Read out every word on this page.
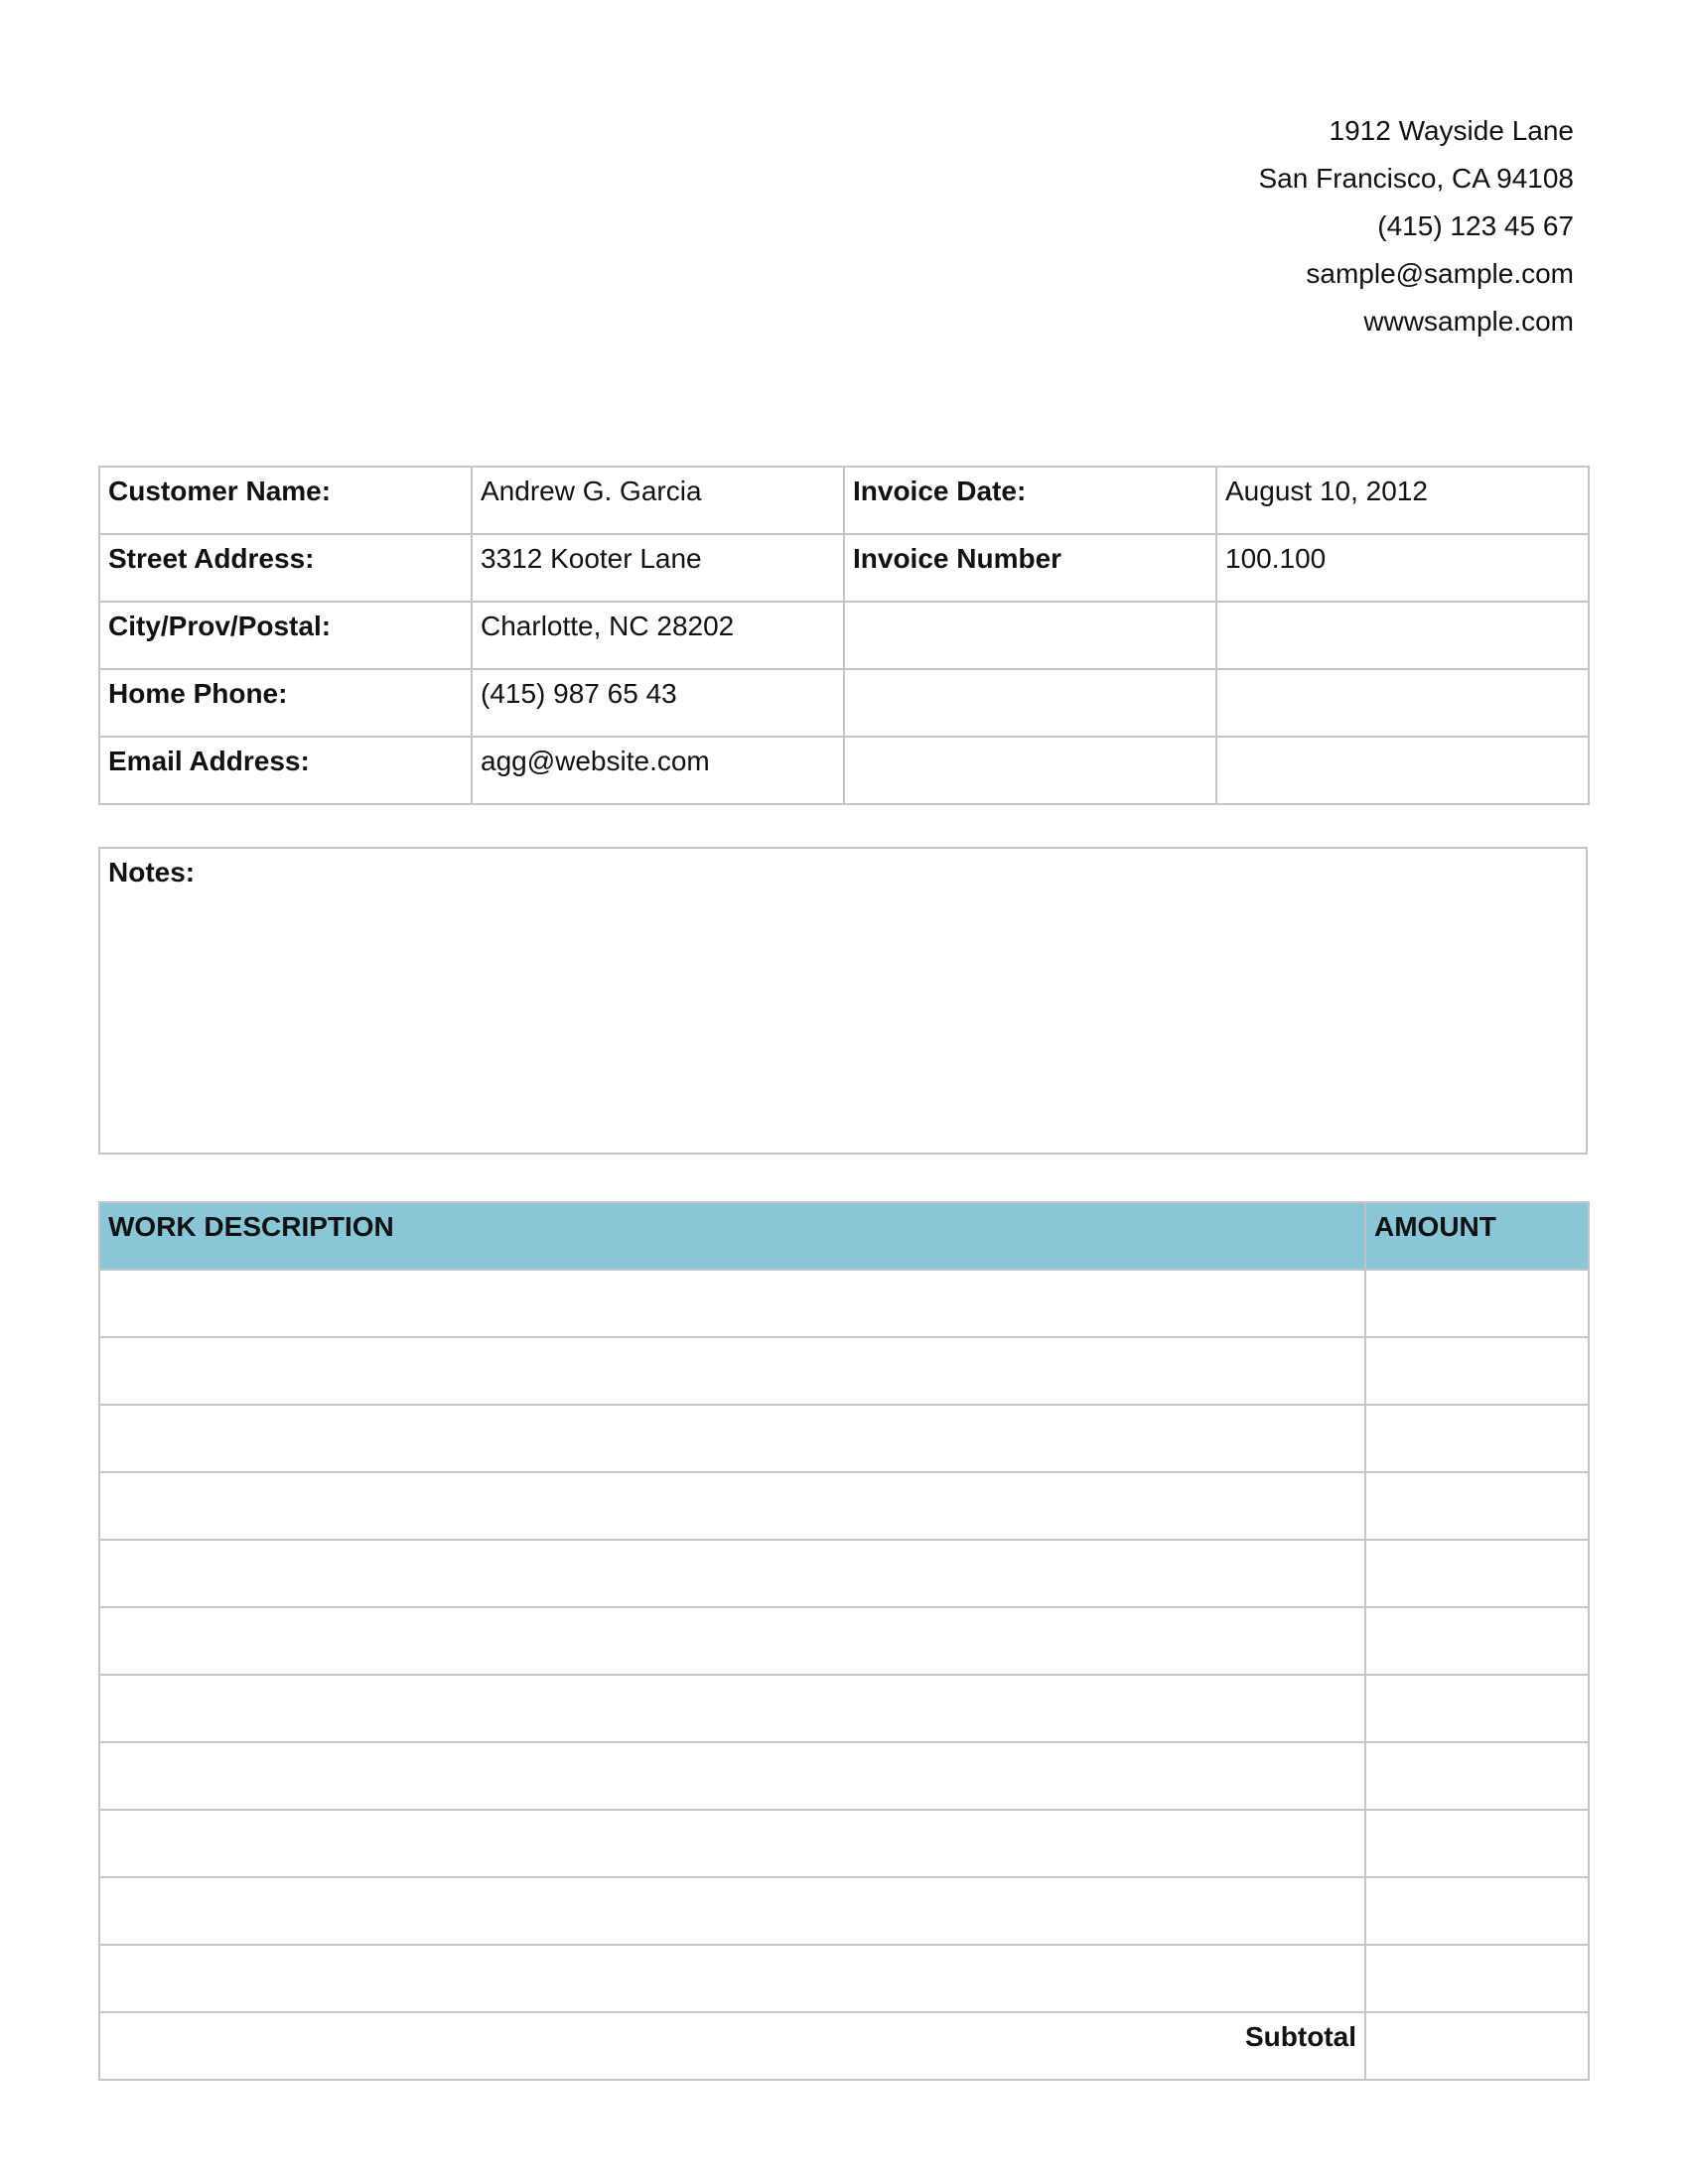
1912 Wayside Lane
San Francisco, CA 94108
(415) 123 45 67
sample@sample.com
wwwsample.com
Customer Name:	Andrew G. Garcia	Invoice Date:	August 10, 2012
Street Address:	3312 Kooter Lane	Invoice Number	100.100
City/Prov/Postal:	Charlotte, NC 28202		
Home Phone:	(415) 987 65 43		
Email Address:	agg@website.com		
Notes:
WORK DESCRIPTION	AMOUNT

Subtotal	
